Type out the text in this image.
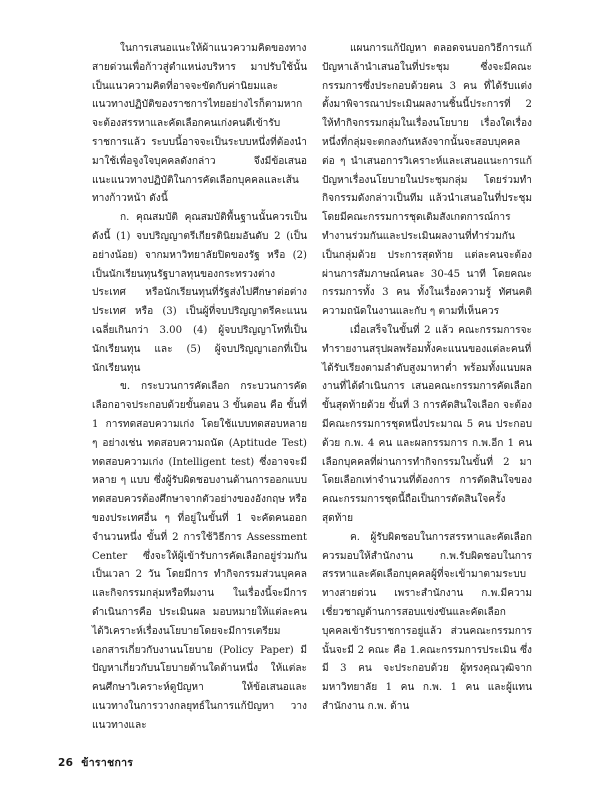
ในการเสนอแนะให้ผ้าแนวความคิดของทางสายด่วนเพื่อก้าวสู่ตำแหน่งบริหาร มาปรับใช้นั้นเป็นแนวความคิดที่อาจจะขัดกับค่านิยมและแนวทางปฏิบัติของราชการไทยอย่างไรก็ตามหากจะต้องสรรหาและคัดเลือกคนเก่งคนดีเข้ารับราชการแล้ว ระบบนี้อาจจะเป็นระบบหนึ่งที่ต้องนำมาใช้เพื่อจูงใจบุคคลดังกล่าว จึงมีข้อเสนอแนะแนวทางปฏิบัติในการคัดเลือกบุคคลและเส้นทางก้าวหน้า ดังนี้

ก. คุณสมบัติ คุณสมบัติพื้นฐานนั้นควรเป็นดังนี้ (1) จบปริญญาตรีเกียรตินิยมอันดับ 2 (เป็นอย่างน้อย) จากมหาวิทยาลัยปิดของรัฐ หรือ (2) เป็นนักเรียนทุนรัฐบาลทุนของกระทรวงต่างประเทศ หรือนักเรียนทุนที่รัฐส่งไปศึกษาต่อต่างประเทศ หรือ (3) เป็นผู้ที่จบปริญญาตรีคะแนนเฉลี่ยเกินกว่า 3.00 (4) ผู้จบปริญญาโทที่เป็นนักเรียนทุน และ (5) ผู้จบปริญญาเอกที่เป็นนักเรียนทุน

ข. กระบวนการคัดเลือก กระบวนการคัดเลือกอาจประกอบด้วยขั้นตอน 3 ขั้นตอน คือ ขั้นที่ 1 การทดสอบความเก่ง โดยใช้แบบทดสอบหลาย ๆ อย่างเช่น ทดสอบความถนัด (Aptitude Test) ทดสอบความเก่ง (Intelligent test) ซึ่งอาจจะมีหลาย ๆ แบบ ซึ่งผู้รับผิดชอบงานด้านการออกแบบทดสอบควรต้องศึกษาจากตัวอย่างของอังกฤษ หรือของประเทศอื่น ๆ ที่อยู่ในขั้นที่ 1 จะคัดคนออกจำนวนหนึ่ง ขั้นที่ 2 การใช้วิธีการ Assessment Center ซึ่งจะให้ผู้เข้ารับการคัดเลือกอยู่ร่วมกันเป็นเวลา 2 วัน โดยมีการ ทำกิจกรรมส่วนบุคคลและกิจกรรมกลุ่มหรือทีมงาน ในเรื่องนี้จะมีการดำเนินการคือ ประเมินผล มอบหมายให้แต่ละคนได้วิเคราะห์เรื่องนโยบายโดยจะมีการเตรียมเอกสารเกี่ยวกับงานนโยบาย (Policy Paper) มีปัญหาเกี่ยวกับนโยบายด้านใดด้านหนึ่ง ให้แต่ละคนศึกษาวิเคราะห์ดูปัญหา ให้ข้อเสนอและแนวทางในการวางกลยุทธ์ในการแก้ปัญหา วางแนวทางและ

แผนการแก้ปัญหา ตลอดจนบอกวิธีการแก้ปัญหาเล้านำเสนอในที่ประชุม ซึ่งจะมีคณะกรรมการซึ่งประกอบด้วยคน 3 คน ที่ได้รับแต่งตั้งมาพิจารณาประเมินผลงานชิ้นนี้ประการที่ 2 ให้ทำกิจกรรมกลุ่มในเรื่องนโยบาย เรื่องใดเรื่องหนึ่งที่กลุ่มจะตกลงกันหลังจากนั้นจะสอบบุคคลต่อ ๆ นำเสนอการวิเคราะห์และเสนอแนะการแก้ปัญหาเรื่องนโยบายในประชุมกลุ่ม โดยร่วมทำกิจกรรมดังกล่าวเป็นทีม แล้วนำเสนอในที่ประชุมโดยมีคณะกรรมการชุดเดิมสังเกตการณ์การทำงานร่วมกันและประเมินผลงานที่ทำร่วมกันเป็นกลุ่มด้วย ประการสุดท้าย แต่ละคนจะต้องผ่านการสัมภาษณ์คนละ 30-45 นาที โดยคณะกรรมการทั้ง 3 คน ทั้งในเรื่องความรู้ ทัศนคติ ความถนัดในงานและกับ ๆ ตามที่เห็นควร

เมื่อเสร็จในขั้นที่ 2 แล้ว คณะกรรมการจะทำรายงานสรุปผลพร้อมทั้งคะแนนของแต่ละคนที่ได้รับเรียงตามลำดับสูงมาหาต่ำ พร้อมทั้งแนบผลงานที่ได้ดำเนินการ เสนอคณะกรรมการคัดเลือกขั้นสุดท้ายด้วย ขั้นที่ 3 การคัดสินใจเลือก จะต้องมีคณะกรรมการชุดหนึ่งประมาณ 5 คน ประกอบด้วย ก.พ. 4 คน และผลกรรมการ ก.พ.อีก 1 คน เลือกบุคคลที่ผ่านการทำกิจกรรมในขั้นที่ 2 มา โดยเลือกเท่าจำนวนที่ต้องการ การตัดสินใจของคณะกรรมการชุดนี้ถือเป็นการตัดสินใจครั้งสุดท้าย

ค. ผู้รับผิดชอบในการสรรหาและคัดเลือก ควรมอบให้สำนักงาน ก.พ.รับผิดชอบในการสรรหาและคัดเลือกบุคคลผู้ที่จะเข้ามาตามระบบทางสายด่วน เพราะสำนักงาน ก.พ.มีความเชี่ยวชาญด้านการสอบแข่งขันและคัดเลือกบุคคลเข้ารับราชการอยู่แล้ว ส่วนคณะกรรมการนั้นจะมี 2 คณะ คือ 1.คณะกรรมการประเมิน ซึ่งมี 3 คน จะประกอบด้วย ผู้ทรงคุณวุฒิจากมหาวิทยาลัย 1 คน ก.พ. 1 คน และผู้แทนสำนักงาน ก.พ. ด้าน

26 ข้าราชการ
